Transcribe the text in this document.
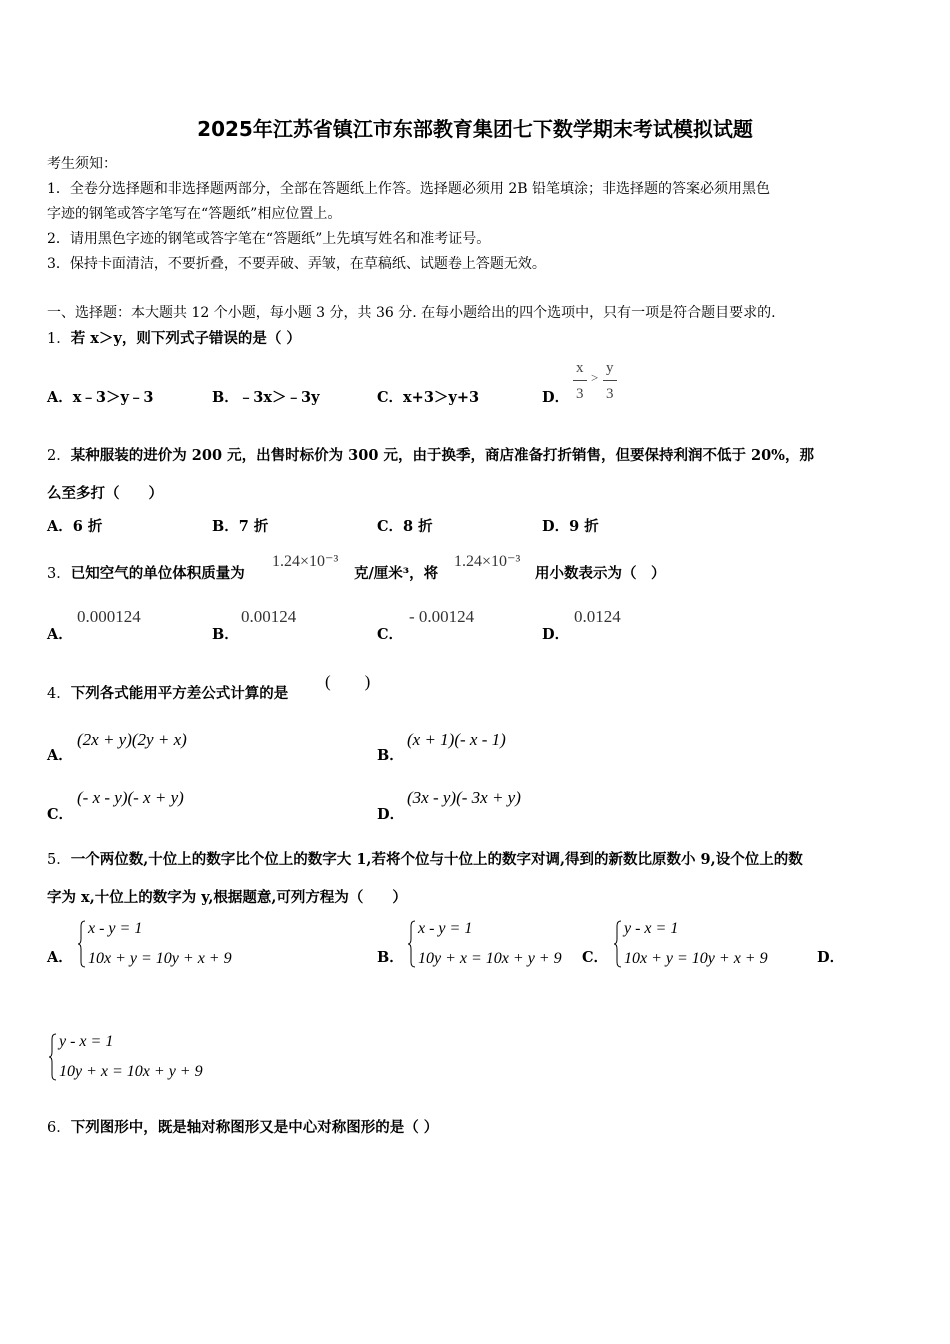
2025年江苏省镇江市东部教育集团七下数学期末考试模拟试题
考生须知：
1．全卷分选择题和非选择题两部分，全部在答题纸上作答。选择题必须用 2B 铅笔填涂；非选择题的答案必须用黑色
字迹的钢笔或答字笔写在“答题纸”相应位置上。
2．请用黑色字迹的钢笔或答字笔在“答题纸”上先填写姓名和准考证号。
3．保持卡面清洁，不要折叠，不要弄破、弄皱，在草稿纸、试题卷上答题无效。
一、选择题：本大题共 12 个小题，每小题 3 分，共 36 分. 在每小题给出的四个选项中，只有一项是符合题目要求的.
1．若 x＞y，则下列式子错误的是（ ）
A．x﹣3＞y﹣3	B．﹣3x＞﹣3y	C．x+3＞y+3	D．
x
3
>
y
3
2．某种服装的进价为 200 元，出售时标价为 300 元，由于换季，商店准备打折销售，但要保持利润不低于 20%，那
么至多打（　　）
A．6 折	B．7 折	C．8 折	D．9 折
3．已知空气的单位体积质量为
1.24×10⁻³
克/厘米³，将
1.24×10⁻³
用小数表示为（　）
A．
0.000124
B．
0.00124
C．
- 0.00124
D．
0.0124
4．下列各式能用平方差公式计算的是
(　　)
A．
(2x + y)(2y + x)
B．
(x + 1)(- x - 1)
C．
(- x - y)(- x + y)
D．
(3x - y)(- 3x + y)
5．一个两位数,十位上的数字比个位上的数字大 1,若将个位与十位上的数字对调,得到的新数比原数小 9,设个位上的数
字为 x,十位上的数字为 y,根据题意,可列方程为（　　）
A．
x - y = 1
10x + y = 10y + x + 9	B．
x - y = 1
10y + x = 10x + y + 9 C．
y - x = 1
10x + y = 10y + x + 9	D．
y - x = 1
10y + x = 10x + y + 9
6．下列图形中，既是轴对称图形又是中心对称图形的是（ ）
